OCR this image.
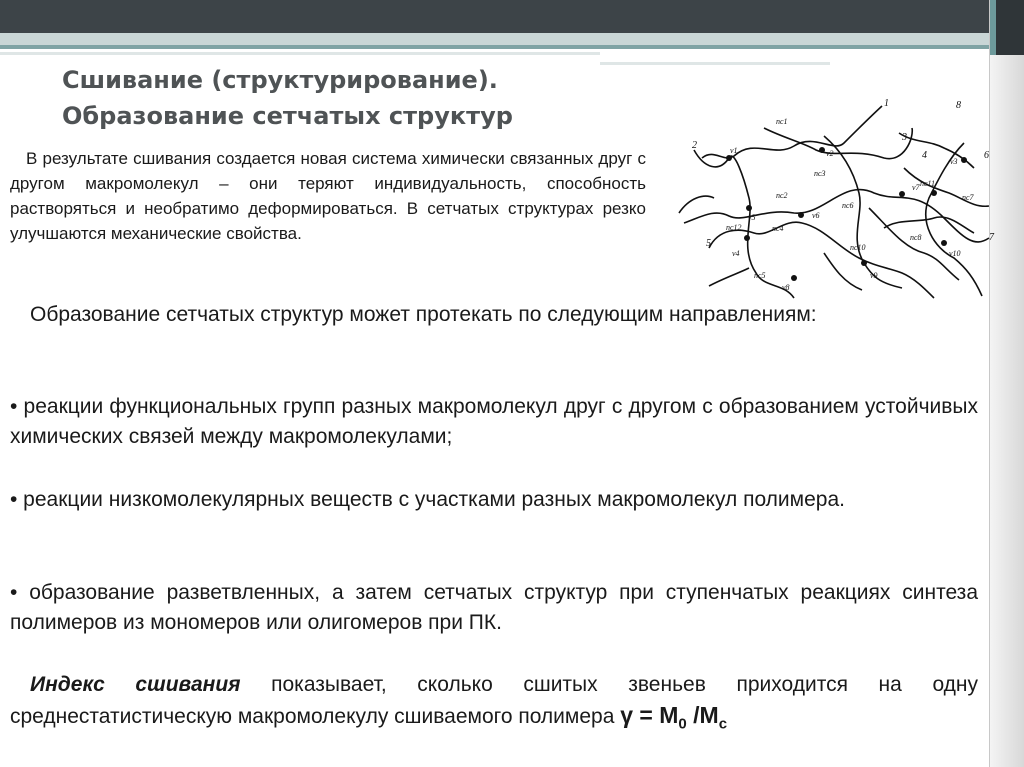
Сшивание (структурирование).
Образование сетчатых структур

В результате сшивания создается новая система химически связанных друг с другом макромолекул – они теряют индивидуальность, способность растворяться и необратимо деформироваться. В сетчатых структурах резко улучшаются механические свойства.

1
2
3
4
5
6
7
8
ν1	ν2
ν3
ν4
ν5	ν6
ν7
ν8
ν9
ν10
nc1
nc2
nc3
nc4
nc5
nc6
nc7
nc8
nc10
nc11
nc12

Образование сетчатых структур может протекать по следующим направлениям:

• реакции функциональных групп разных макромолекул друг с другом с образованием устойчивых химических связей между макромолекулами;

• реакции низкомолекулярных веществ с участками разных макромолекул полимера.

• образование разветвленных, а затем сетчатых структур при ступенчатых реакциях синтеза полимеров из мономеров или олигомеров при ПК.

Индекс сшивания показывает, сколько сшитых звеньев приходится на одну среднестатистическую макромолекулу сшиваемого полимера $\gamma = M_0$ $/M_c$
